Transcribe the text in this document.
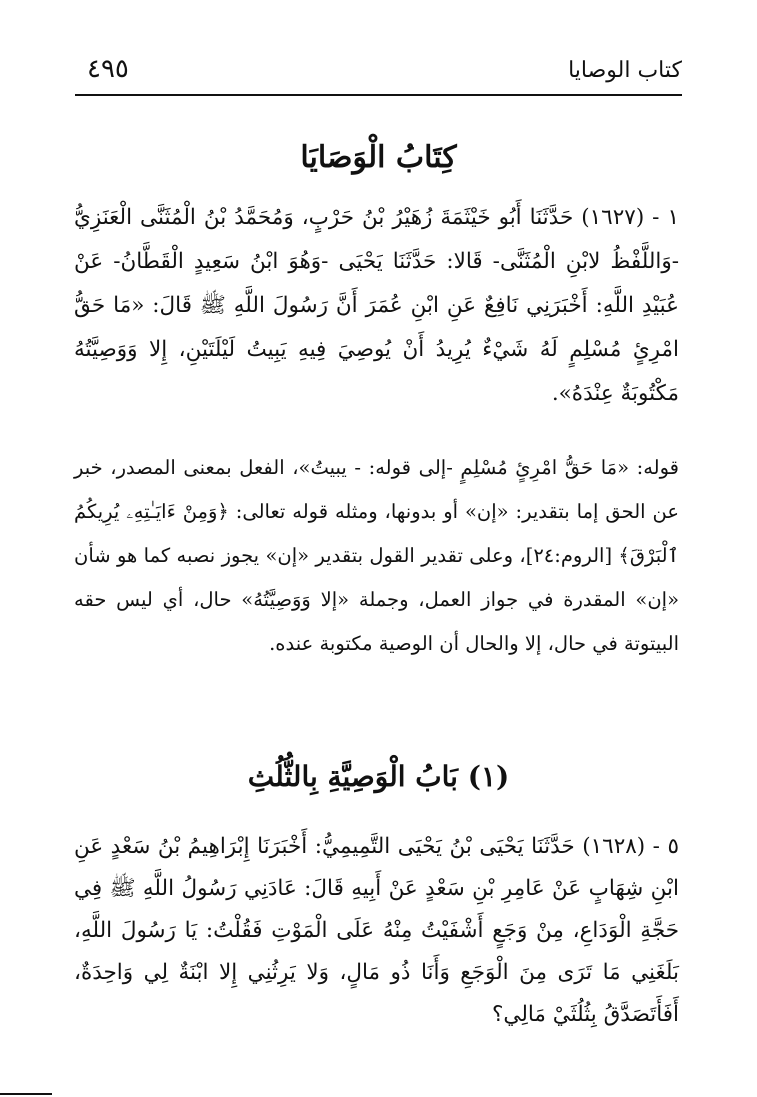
كتاب الوصايا
٤٩٥
كِتَابُ الْوَصَايَا
١ - (١٦٢٧) حَدَّثَنَا أَبُو خَيْثَمَةَ زُهَيْرُ بْنُ حَرْبٍ، وَمُحَمَّدُ بْنُ الْمُثَنَّى الْعَنَزِيُّ -وَاللَّفْظُ لابْنِ الْمُثَنَّى- قَالا: حَدَّثَنَا يَحْيَى -وَهُوَ ابْنُ سَعِيدٍ الْقَطَّانُ- عَنْ عُبَيْدِ اللَّهِ: أَخْبَرَنِي نَافِعٌ عَنِ ابْنِ عُمَرَ أَنَّ رَسُولَ اللَّهِ ﷺ قَالَ: «مَا حَقُّ امْرِئٍ مُسْلِمٍ لَهُ شَيْءٌ يُرِيدُ أَنْ يُوصِيَ فِيهِ يَبِيتُ لَيْلَتَيْنِ، إِلا وَوَصِيَّتُهُ مَكْتُوبَةٌ عِنْدَهُ».
قوله: «مَا حَقُّ امْرِئٍ مُسْلِمٍ -إلى قوله: - يبيتُ»، الفعل بمعنى المصدر، خبر عن الحق إما بتقدير: «إن» أو بدونها، ومثله قوله تعالى: ﴿وَمِنْ ءَايَـٰتِهِۦ يُرِيكُمُ ٱلْبَرْقَ﴾ [الروم:٢٤]، وعلى تقدير القول بتقدير «إن» يجوز نصبه كما هو شأن «إن» المقدرة في جواز العمل، وجملة «إلا وَوَصِيَّتُهُ» حال، أي ليس حقه البيتوتة في حال، إلا والحال أن الوصية مكتوبة عنده.
(١) بَابُ الْوَصِيَّةِ بِالثُّلُثِ
٥ - (١٦٢٨) حَدَّثَنَا يَحْيَى بْنُ يَحْيَى التَّمِيمِيُّ: أَخْبَرَنَا إِبْرَاهِيمُ بْنُ سَعْدٍ عَنِ ابْنِ شِهَابٍ عَنْ عَامِرِ بْنِ سَعْدٍ عَنْ أَبِيهِ قَالَ: عَادَنِي رَسُولُ اللَّهِ ﷺ فِي حَجَّةِ الْوَدَاعِ، مِنْ وَجَعٍ أَشْفَيْتُ مِنْهُ عَلَى الْمَوْتِ فَقُلْتُ: يَا رَسُولَ اللَّهِ، بَلَغَنِي مَا تَرَى مِنَ الْوَجَعِ وَأَنَا ذُو مَالٍ، وَلا يَرِثُنِي إِلا ابْنَةٌ لِي وَاحِدَةٌ، أَفَأَتَصَدَّقُ بِثُلُثَيْ مَالِي؟
